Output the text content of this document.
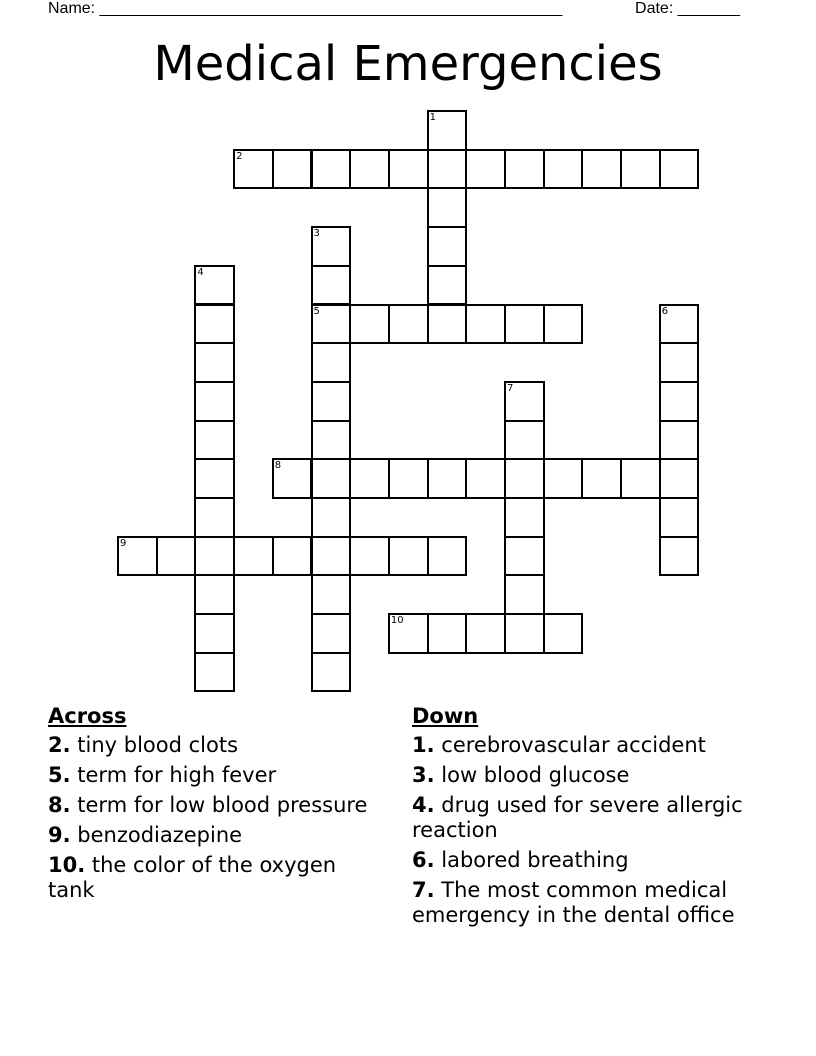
Name: ____________________________________________________	Date: _______
Medical Emergencies
1
2
3
5
4
6
7
8
9
10
Across
2. tiny blood clots
5. term for high fever
8. term for low blood pressure
9. benzodiazepine
10. the color of the oxygen tank
Down
1. cerebrovascular accident
3. low blood glucose
4. drug used for severe allergic reaction
6. labored breathing
7. The most common medical emergency in the dental office
